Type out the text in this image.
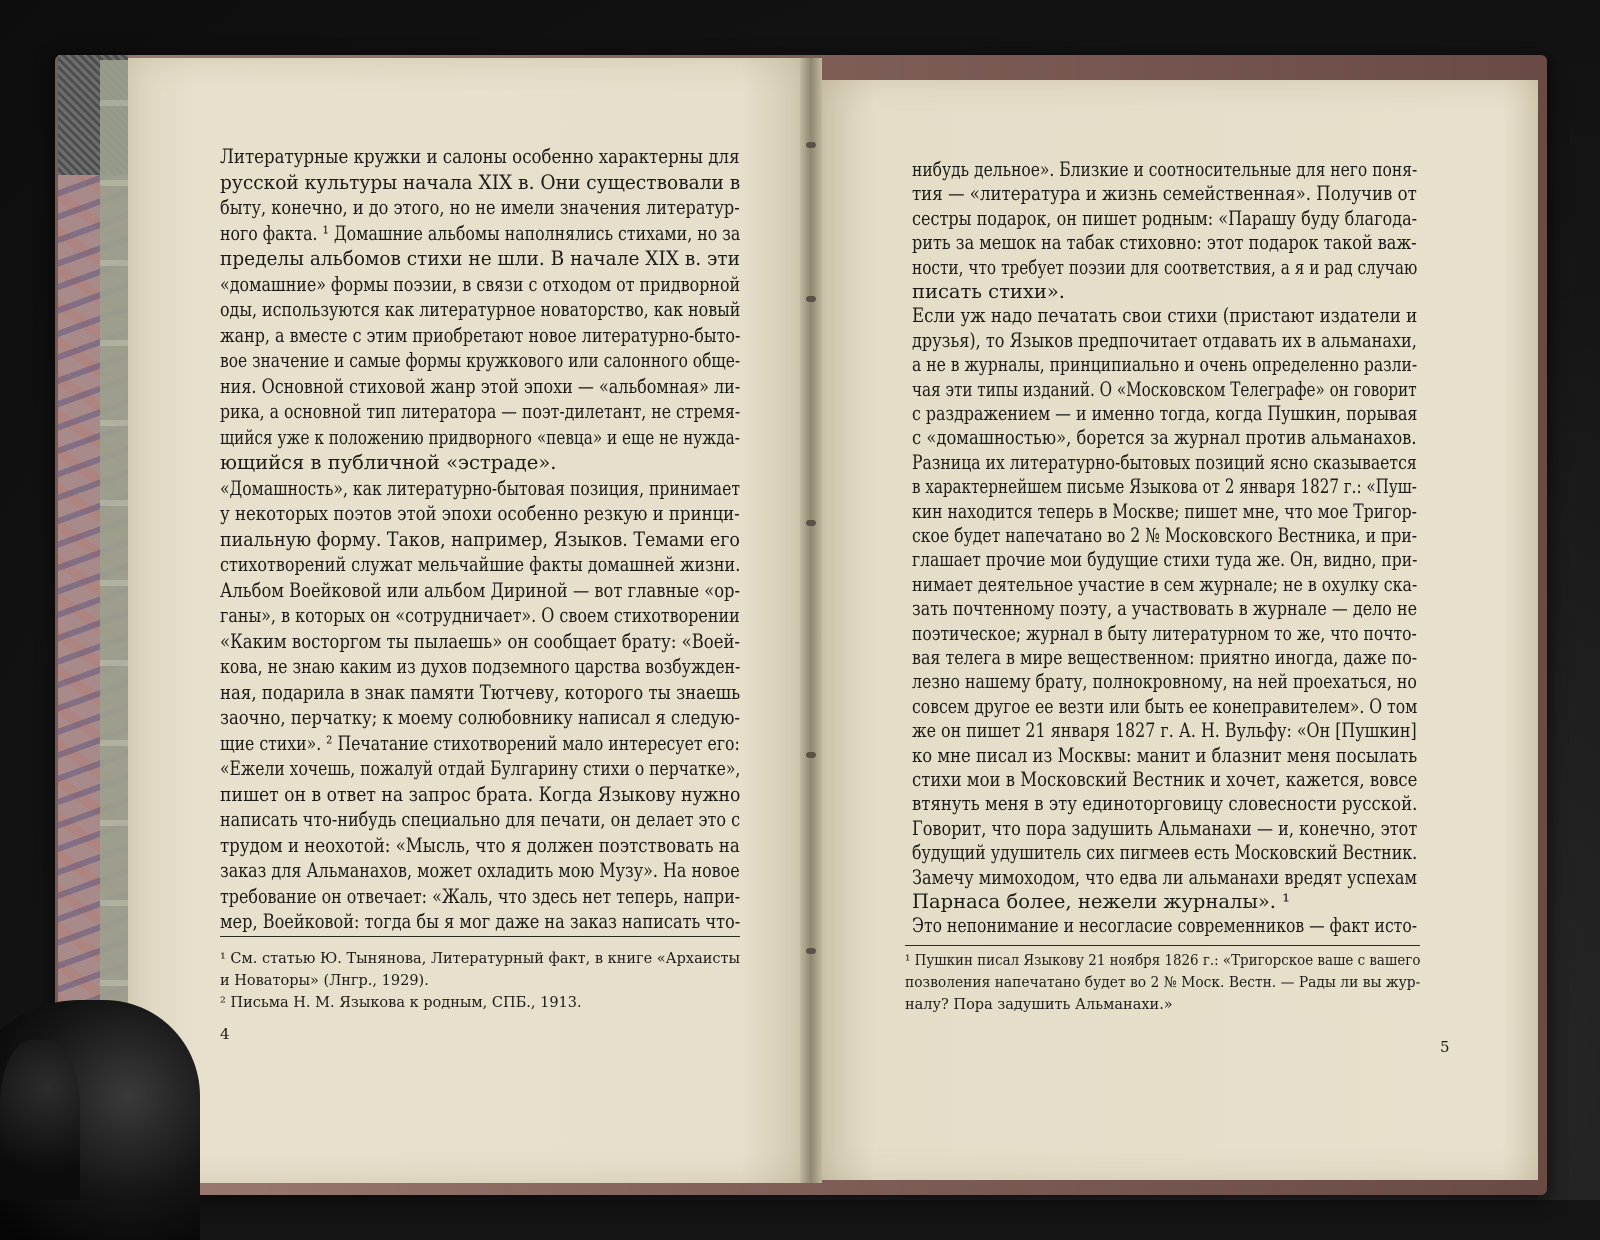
Литературные кружки и салоны особенно характерны для
русской культуры начала XIX в. Они существовали в
быту, конечно, и до этого, но не имели значения литератур-
ного факта. ¹ Домашние альбомы наполнялись стихами, но за
пределы альбомов стихи не шли. В начале XIX в. эти
«домашние» формы поэзии, в связи с отходом от придворной
оды, используются как литературное новаторство, как новый
жанр, а вместе с этим приобретают новое литературно-быто-
вое значение и самые формы кружкового или салонного обще-
ния. Основной стиховой жанр этой эпохи — «альбомная» ли-
рика, а основной тип литератора — поэт-дилетант, не стремя-
щийся уже к положению придворного «певца» и еще не нужда-
ющийся в публичной «эстраде».
«Домашность», как литературно-бытовая позиция, принимает
у некоторых поэтов этой эпохи особенно резкую и принци-
пиальную форму. Таков, например, Языков. Темами его
стихотворений служат мельчайшие факты домашней жизни.
Альбом Воейковой или альбом Дириной — вот главные «ор-
ганы», в которых он «сотрудничает». О своем стихотворении
«Каким восторгом ты пылаешь» он сообщает брату: «Воей-
кова, не знаю каким из духов подземного царства возбужден-
ная, подарила в знак памяти Тютчеву, которого ты знаешь
заочно, перчатку; к моему солюбовнику написал я следую-
щие стихи». ² Печатание стихотворений мало интересует его:
«Ежели хочешь, пожалуй отдай Булгарину стихи о перчатке»,
пишет он в ответ на запрос брата. Когда Языкову нужно
написать что-нибудь специально для печати, он делает это с
трудом и неохотой: «Мысль, что я должен поэтствовать на
заказ для Альманахов, может охладить мою Музу». На новое
требование он отвечает: «Жаль, что здесь нет теперь, напри-
мер, Воейковой: тогда бы я мог даже на заказ написать что-
¹ См. статью Ю. Тынянова, Литературный факт, в книге «Архаисты
и Новаторы» (Лнгр., 1929).
² Письма Н. М. Языкова к родным, СПБ., 1913.
4
нибудь дельное». Близкие и соотносительные для него поня-
тия — «литература и жизнь семейственная». Получив от
сестры подарок, он пишет родным: «Парашу буду благода-
рить за мешок на табак стиховно: этот подарок такой важ-
ности, что требует поэзии для соответствия, а я и рад случаю
писать стихи».
Если уж надо печатать свои стихи (пристают издатели и
друзья), то Языков предпочитает отдавать их в альманахи,
а не в журналы, принципиально и очень определенно разли-
чая эти типы изданий. О «Московском Телеграфе» он говорит
с раздражением — и именно тогда, когда Пушкин, порывая
с «домашностью», борется за журнал против альманахов.
Разница их литературно-бытовых позиций ясно сказывается
в характернейшем письме Языкова от 2 января 1827 г.: «Пуш-
кин находится теперь в Москве; пишет мне, что мое Тригор-
ское будет напечатано во 2 № Московского Вестника, и при-
глашает прочие мои будущие стихи туда же. Он, видно, при-
нимает деятельное участие в сем журнале; не в охулку ска-
зать почтенному поэту, а участвовать в журнале — дело не
поэтическое; журнал в быту литературном то же, что почто-
вая телега в мире вещественном: приятно иногда, даже по-
лезно нашему брату, полнокровному, на ней проехаться, но
совсем другое ее везти или быть ее конеправителем». О том
же он пишет 21 января 1827 г. А. Н. Вульфу: «Он [Пушкин]
ко мне писал из Москвы: манит и блазнит меня посылать
стихи мои в Московский Вестник и хочет, кажется, вовсе
втянуть меня в эту единоторговицу словесности русской.
Говорит, что пора задушить Альманахи — и, конечно, этот
будущий удушитель сих пигмеев есть Московский Вестник.
Замечу мимоходом, что едва ли альманахи вредят успехам
Парнаса более, нежели журналы». ¹
Это непонимание и несогласие современников — факт исто-
¹ Пушкин писал Языкову 21 ноября 1826 г.: «Тригорское ваше с вашего
позволения напечатано будет во 2 № Моск. Вестн. — Рады ли вы жур-
налу? Пора задушить Альманахи.»
5
